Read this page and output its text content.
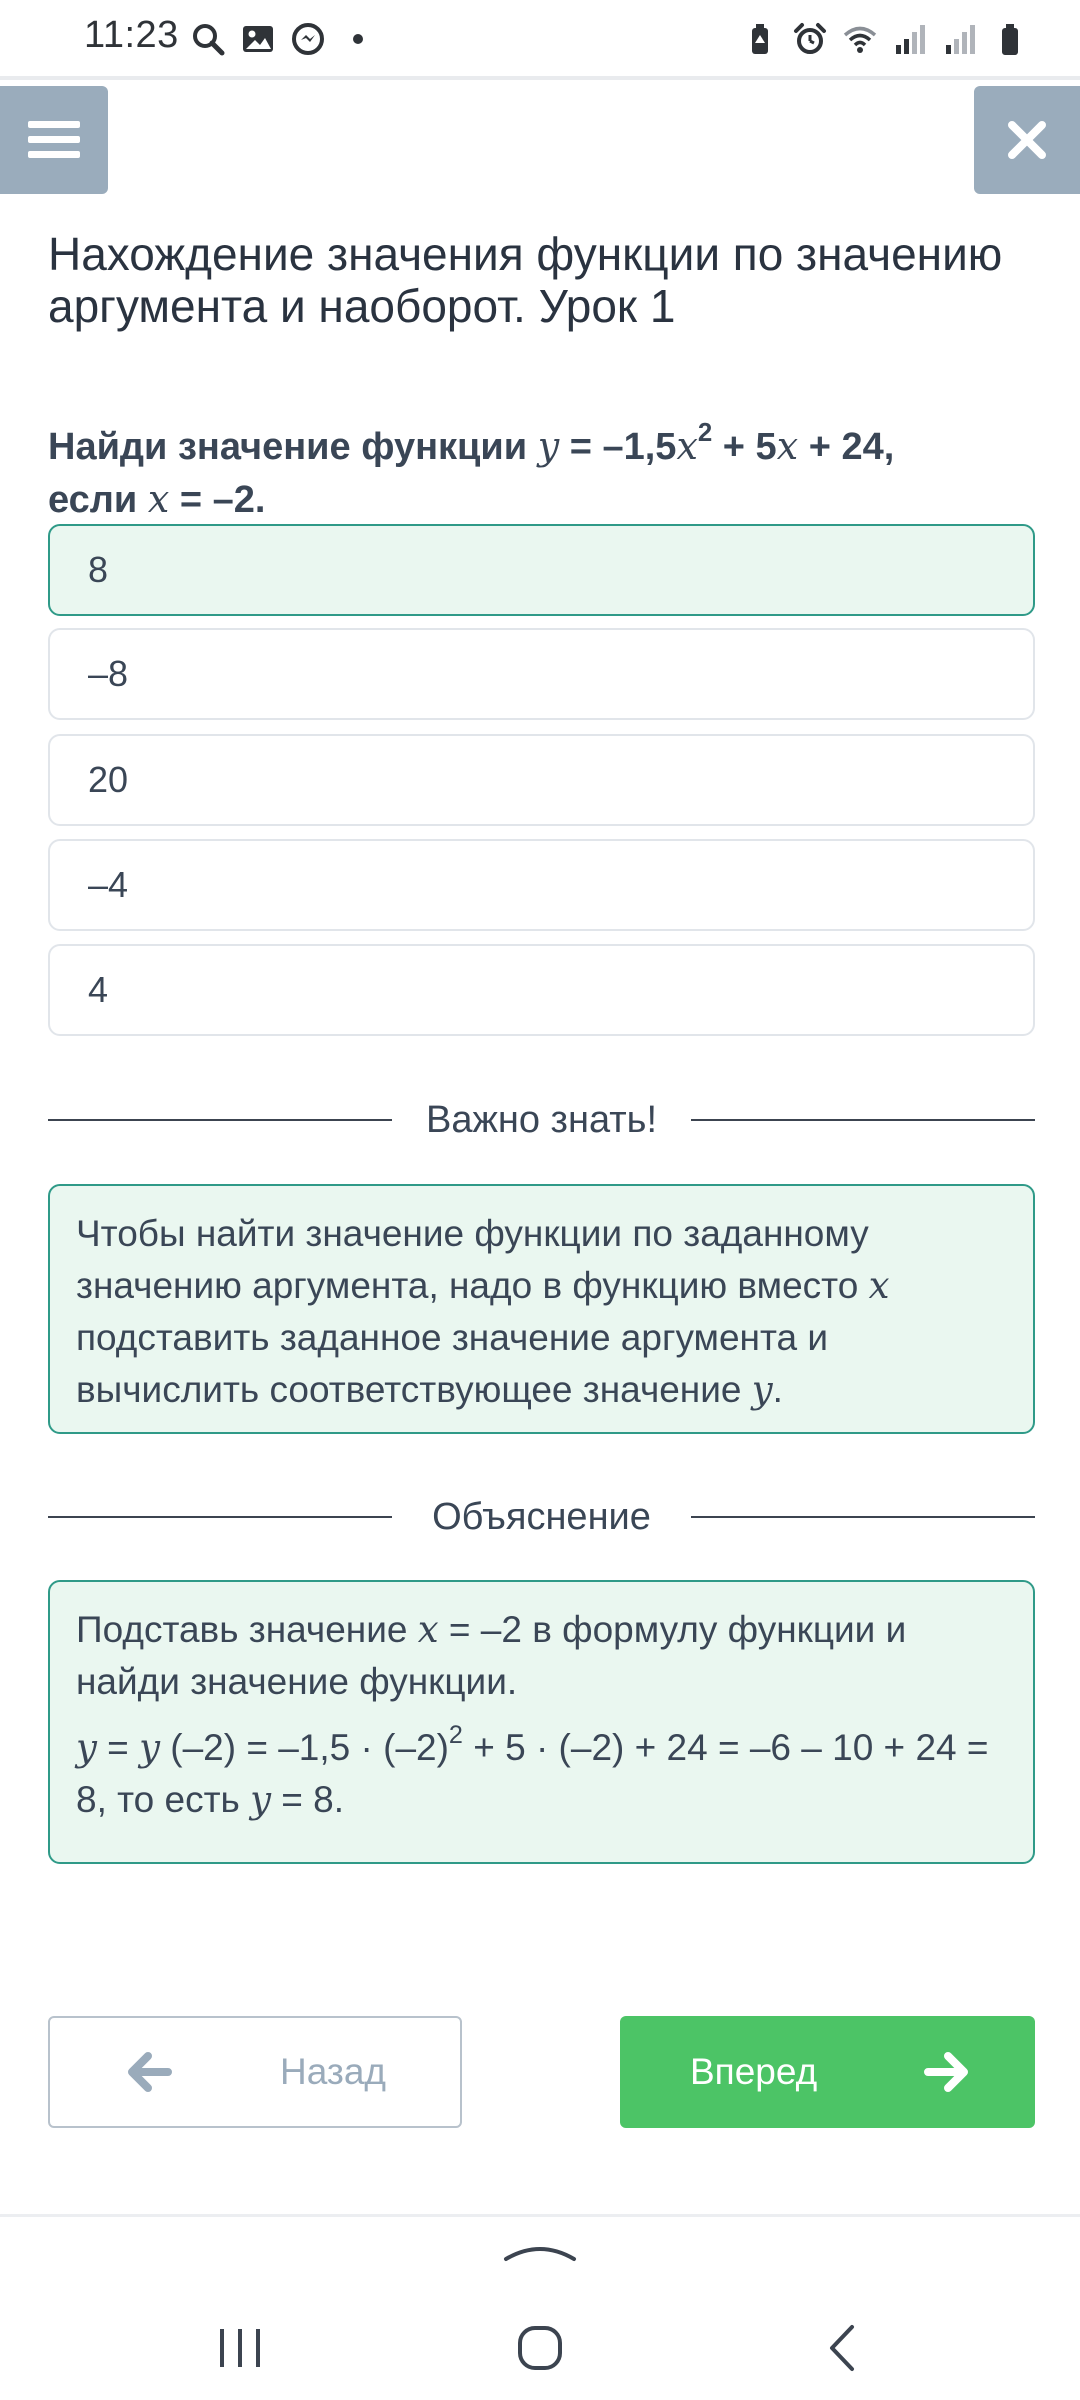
11:23
Нахождение значения функции по значению аргумента и наоборот. Урок 1
Найди значение функции $y = -1,5x^2 + 5x + 24$,
если x = –2.
8
–8
20
–4
4
Важно знать!

Чтобы найти значение функции по заданному значению аргумента, надо в функцию вместо x подставить заданное значение аргумента и вычислить соответствующее значение y.

Объяснение

Подставь значение x = –2 в формулу функции и найди значение функции.

y = y $(-2) = -1,5 \cdot (-2)^2 + 5 \cdot (-2) + 24 = -6 - 10 + 24 = 8$, то есть y = 8.

Назад	Вперед
